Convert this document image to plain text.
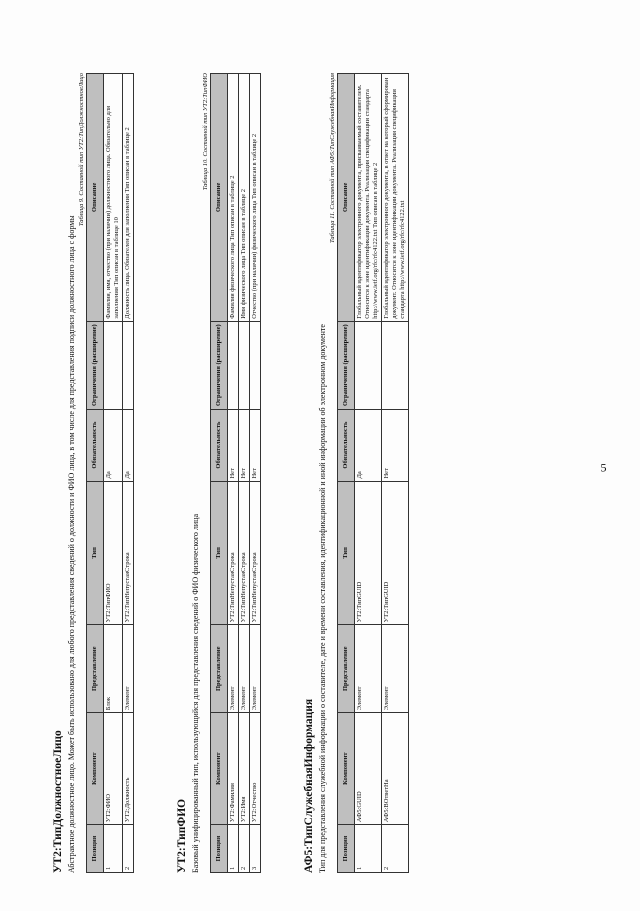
5
УТ2:ТипДолжностноеЛицо Абстрактное должностное лицо. Может быть использовано для любого представления сведений о должности и ФИО лица, в том числе для представления подписи должностного лица с формы

Таблица 9. Составной тип УТ2:ТипДолжностноеЛицо
Позиция	Компонент	Представление	Тип	Обязательность	Ограничения (расширение)	Описание
1	УТ2:ФИО	Блок	УТ2:ТипФИО	Да		Фамилия, имя, отчество (при наличии) должностного лица. Обязательно для заполнения Тип описан в таблице 10
2	УТ2:Должность	Элемент	УТ2:ТипНепустаяСтрока	Да		Должность лица. Обязателен для заполнения Тип описан в таблице 2
УТ2:ТипФИО Базовый унифицированный тип, использующийся для представления сведений о ФИО физического лица

Таблица 10. Составной тип УТ2:ТипФИО
Позиция	Компонент	Представление	Тип	Обязательность	Ограничения (расширение)	Описание
1	УТ2:Фамилия	Элемент	УТ2:ТипНепустаяСтрока	Нет		Фамилия физического лица Тип описан в таблице 2
2	УТ2:Имя	Элемент	УТ2:ТипНепустаяСтрока	Нет		Имя физического лица Тип описан в таблице 2
3	УТ2:Отчество	Элемент	УТ2:ТипНепустаяСтрока	Нет		Отчество (при наличии) физического лица Тип описан в таблице 2
АФ5:ТипСлужебнаяИнформация Тип для представления служебной информации о составителе, дате и времени составления, идентификационной и иной информации об электронном документе

Таблица 11. Составной тип АФ5:ТипСлужебнаяИнформация
Позиция	Компонент	Представление	Тип	Обязательность	Ограничения (расширение)	Описание
1	АФ5:GUID	Элемент	УТ2:ТипGUID	Да		Глобальный идентификатор электронного документа, присваиваемый составителем. Относится к зоне идентификации документа. Реализация спецификации стандарта http://www.ietf.org/rfc/rfc4122.txt Тип описан в таблице 2
2	АФ5:ВОтветНа	Элемент	УТ2:ТипGUID	Нет		Глобальный идентификатор электронного документа, в ответ на который сформирован документ. Относится к зоне идентификации документа. Реализация спецификации стандарта http://www.ietf.org/rfc/rfc4122.txt
